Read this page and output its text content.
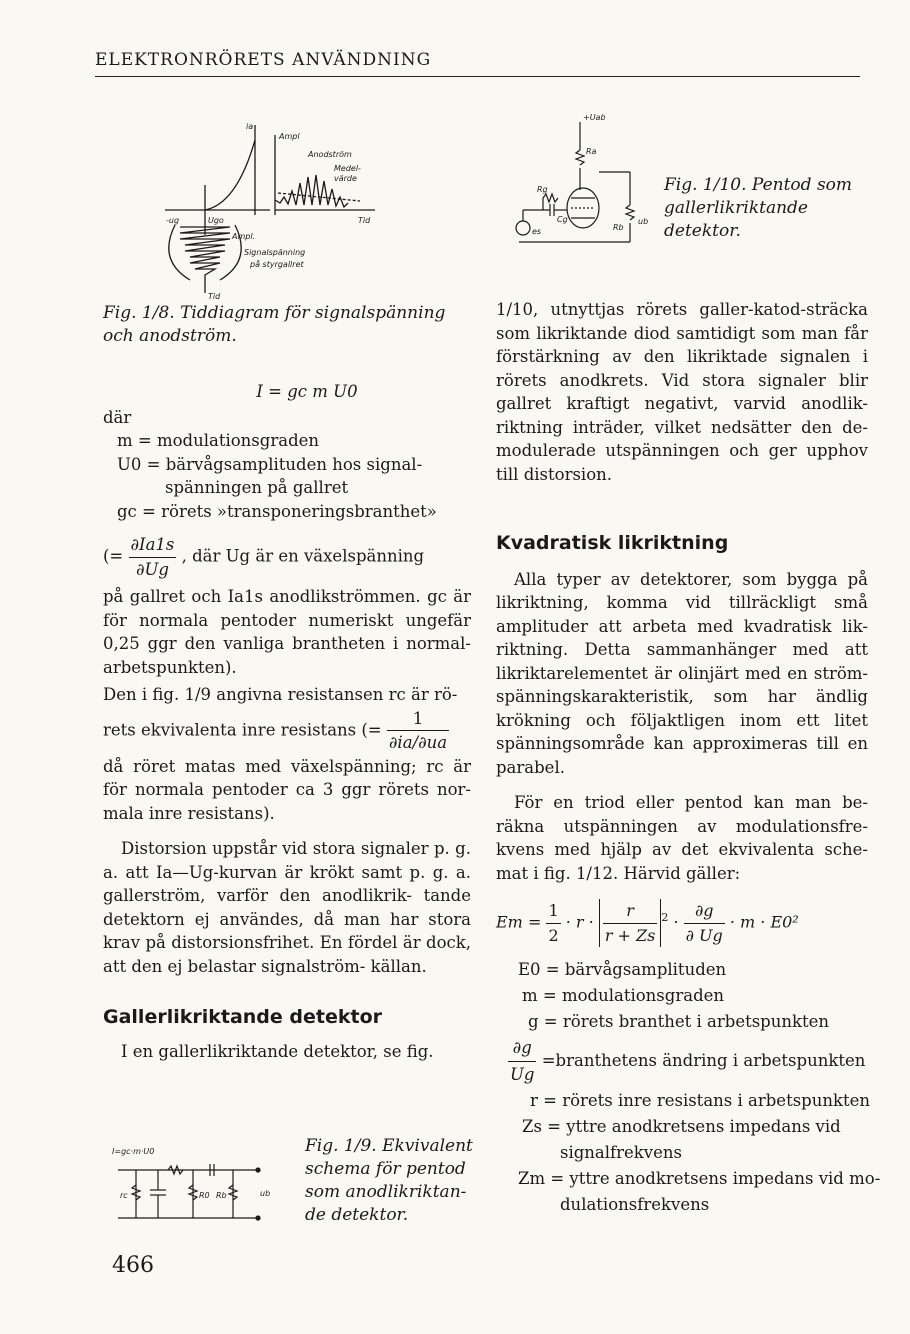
ELEKTRONRÖRETS ANVÄNDNING
ia
Ampl
Anodström
Medel-
värde
Tid
-ug	Ugo
Ampl.
Signalspänning
på styrgallret
Tid
+Uab
Ra
Rg
Cg
es	Rb
ub
Fig. 1/10. Pentod som gallerlikriktande detektor.
Fig. 1/8. Tiddiagram för signalspänning och anodström.
I = gc m U0
där
m = modulationsgraden
U0 = bärvågsamplituden hos signal-
spänningen på gallret
gc = rörets »transponeringsbranthet»
(= $\frac{\partial Ia1s}{\partial Ug}$ , där Ug är en växelspänning

på gallret och Ia1s anodlikströmmen. gc är för normala pentoder numeriskt ungefär 0,25 ggr den vanliga brantheten i normal- arbetspunkten).

Den i fig. 1/9 angivna resistansen rc är rö-

rets ekvivalenta inre resistans (= $\frac{1}{\partial ia/\partial ua}$

då röret matas med växelspänning; rc är för normala pentoder ca 3 ggr rörets nor- mala inre resistans).

Distorsion uppstår vid stora signaler p. g. a. att Ia—Ug-kurvan är krökt samt p. g. a. gallerström, varför den anodlikrik- tande detektorn ej användes, då man har stora krav på distorsionsfrihet. En fördel är dock, att den ej belastar signalström- källan.

Gallerlikriktande detektor

I en gallerlikriktande detektor, se fig.

I=gc·m·U0
rc	R0 Rb	ub
Fig. 1/9. Ekvivalent schema för pentod som anodlikriktan- de detektor.

1/10, utnyttjas rörets galler-katod-sträcka som likriktande diod samtidigt som man får förstärkning av den likriktade signalen i rörets anodkrets. Vid stora signaler blir gallret kraftigt negativt, varvid anodlik- riktning inträder, vilket nedsätter den de- modulerade utspänningen och ger upphov till distorsion.

Kvadratisk likriktning

Alla typer av detektorer, som bygga på likriktning, komma vid tillräckligt små amplituder att arbeta med kvadratisk lik- riktning. Detta sammanhänger med att likriktarelementet är olinjärt med en ström-spänningskarakteristik, som har ändlig krökning och följaktligen inom ett litet spänningsområde kan approximeras till en parabel.

För en triod eller pentod kan man be- räkna utspänningen av modulationsfre- kvens med hjälp av det ekvivalenta sche- mat i fig. 1/12. Härvid gäller:

$Em = \frac{1}{2} \cdot r \cdot \frac{r}{r + Zs} ^2 \cdot \frac{\partial g}{\partial Ug} \cdot m \cdot E0^2$
E0 = bärvågsamplituden
m = modulationsgraden
g = rörets branthet i arbetspunkten
$\frac{\partial g}{Ug}$ =branthetens ändring i arbetspunkten
r = rörets inre resistans i arbetspunkten
Zs = yttre anodkretsens impedans vid
signalfrekvens
Zm = yttre anodkretsens impedans vid mo-
dulationsfrekvens
466
